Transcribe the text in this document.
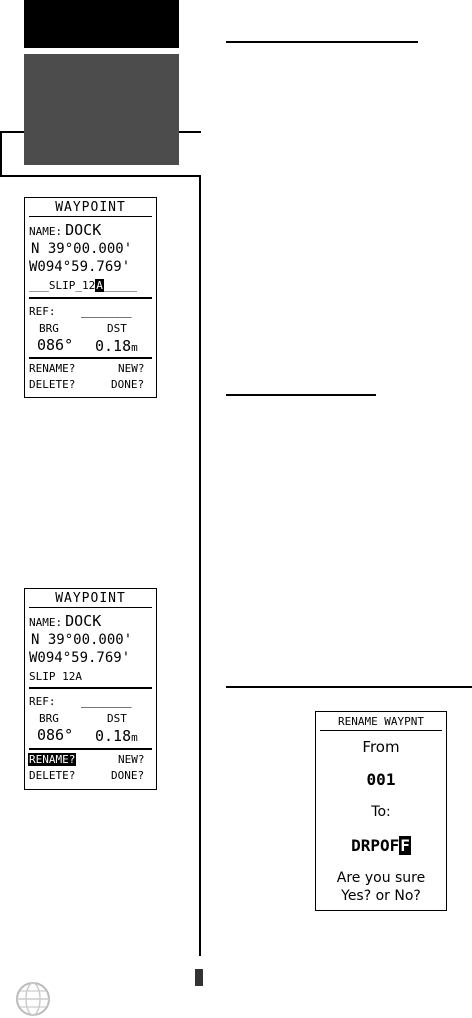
WAYPOINT
NAME: DOCK
N 39°00.000'
W094°59.769'
___SLIP_12A_____
REF: ______
BRG	DST
086° 0.18m
RENAME?	NEW?
DELETE?	DONE?
WAYPOINT
NAME: DOCK
N 39°00.000'
W094°59.769'
SLIP 12A
REF: ______
BRG	DST
086° 0.18m
RENAME?	NEW?
DELETE?	DONE?
RENAME WAYPNT
From
001
To:
DRPOFF
Are you sure
Yes? or No?
